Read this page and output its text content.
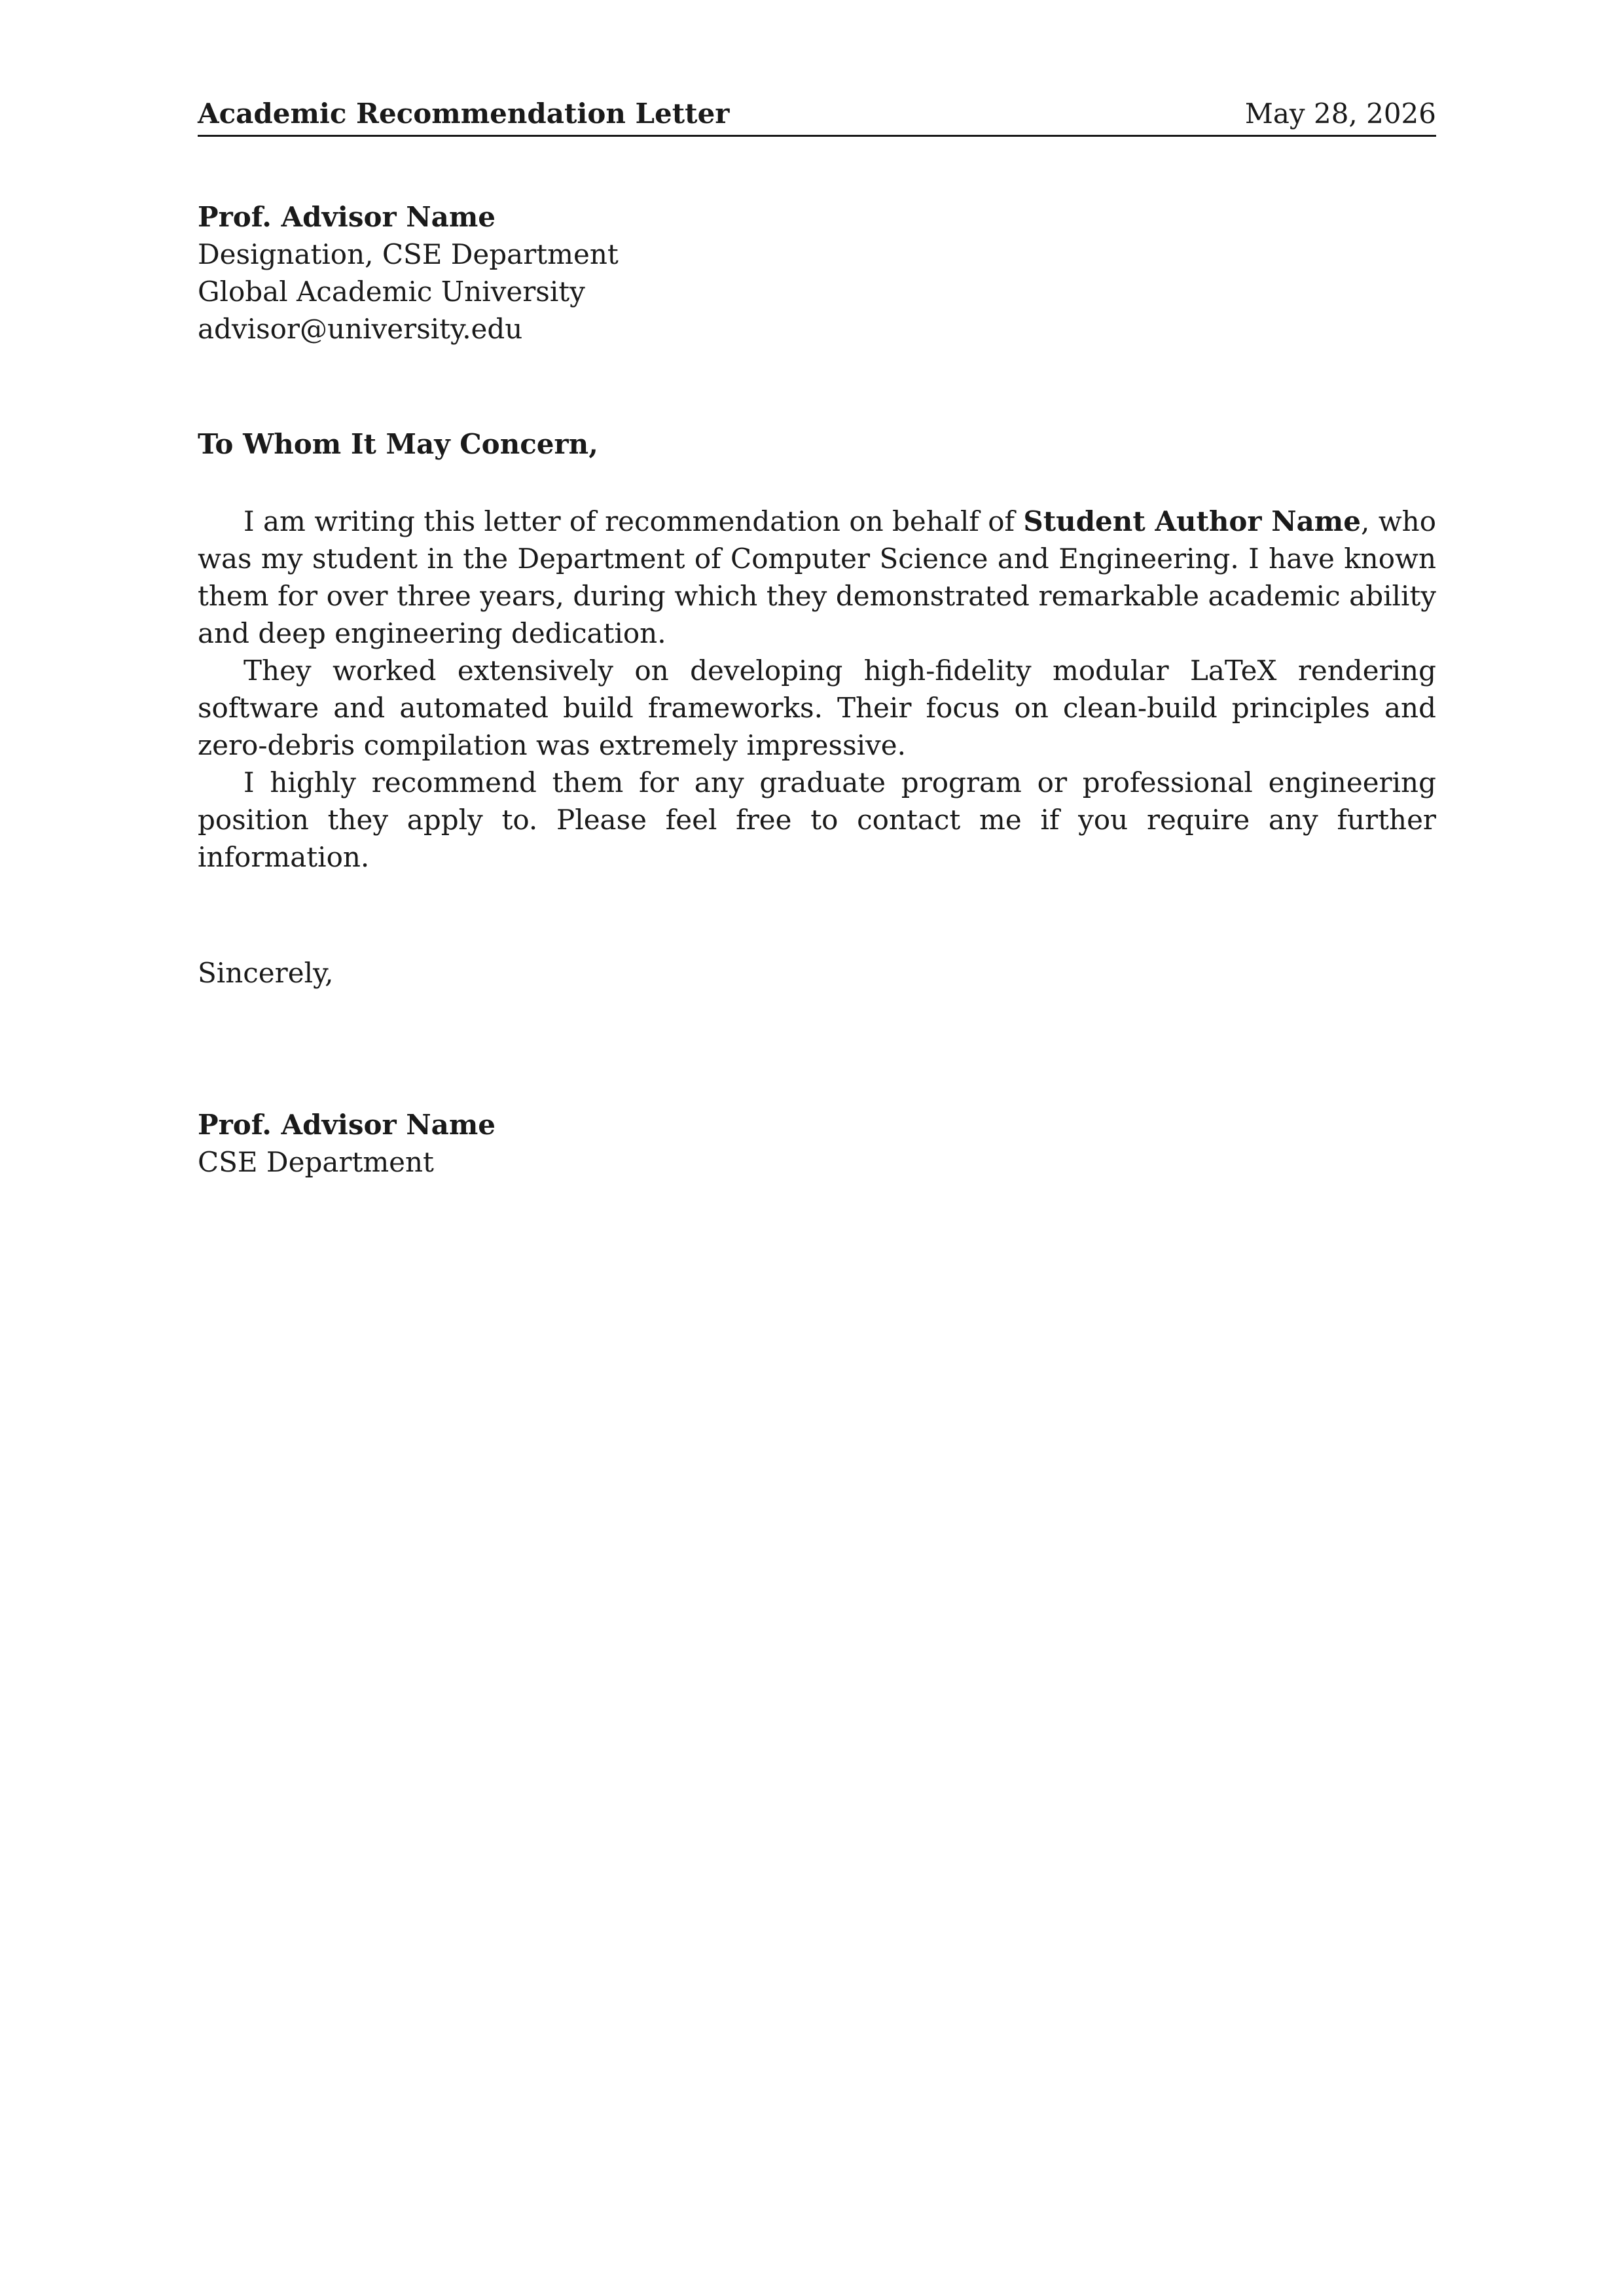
Academic Recommendation Letter	May 28, 2026
Prof. Advisor Name
Designation, CSE Department
Global Academic University
advisor@university.edu
To Whom It May Concern,

I am writing this letter of recommendation on behalf of Student Author Name, who was my student in the Department of Computer Science and Engineering. I have known them for over three years, during which they demonstrated remarkable academic ability and deep engineering dedication.

They worked extensively on developing high-fidelity modular LaTeX rendering software and automated build frameworks. Their focus on clean-build principles and zero-debris compilation was extremely impressive.

I highly recommend them for any graduate program or professional engineering position they apply to. Please feel free to contact me if you require any further information.

Sincerely,
Prof. Advisor Name
CSE Department
